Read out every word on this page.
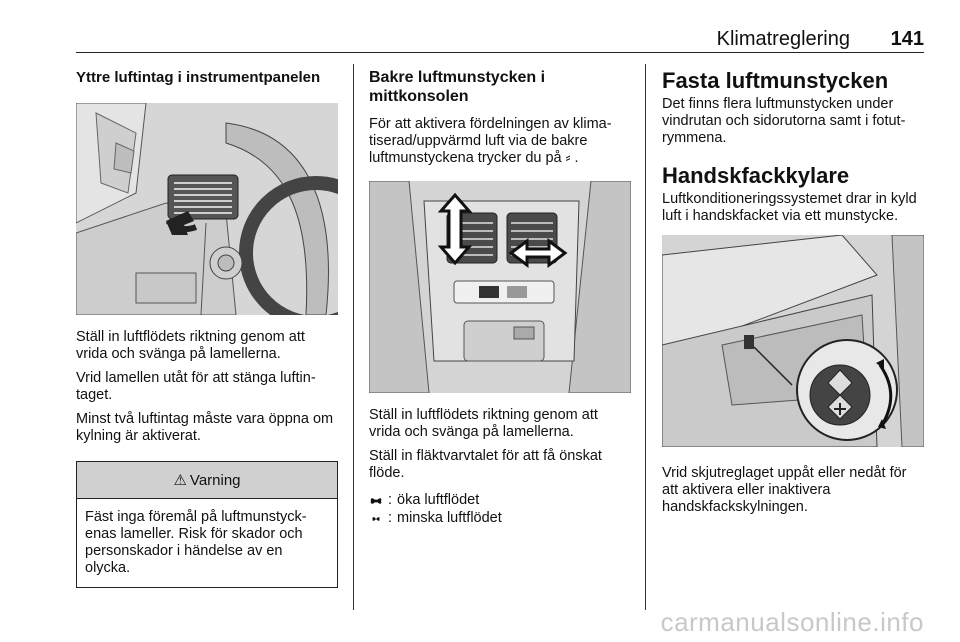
Klimatreglering 141
Yttre luftintag i instrumentpanelen

Ställ in luftflödets riktning genom att vrida och svänga på lamellerna.

Vrid lamellen utåt för att stänga luftintaget.

Minst två luftintag måste vara öppna om kylning är aktiverat.

⚠ Varning
Fäst inga föremål på luftmunstyckenas lameller. Risk för skador och personskador i händelse av en olycka.
Bakre luftmunstycken i mittkonsolen

För att aktivera fördelningen av klimatiserad/uppvärmd luft via de bakre luftmunstyckena trycker du på ⸗ .

Ställ in luftflödets riktning genom att vrida och svänga på lamellerna.

Ställ in fläktvarvtalet för att få önskat flöde.

: öka luftflödet
: minska luftflödet
Fasta luftmunstycken

Det finns flera luftmunstycken under vindrutan och sidorutorna samt i fotutrymmena.

Handskfackkylare

Luftkonditioneringssystemet drar in kyld luft i handskfacket via ett munstycke.

Vrid skjutreglaget uppåt eller nedåt för att aktivera eller inaktivera handskfackskylningen.

carmanualsonline.info
